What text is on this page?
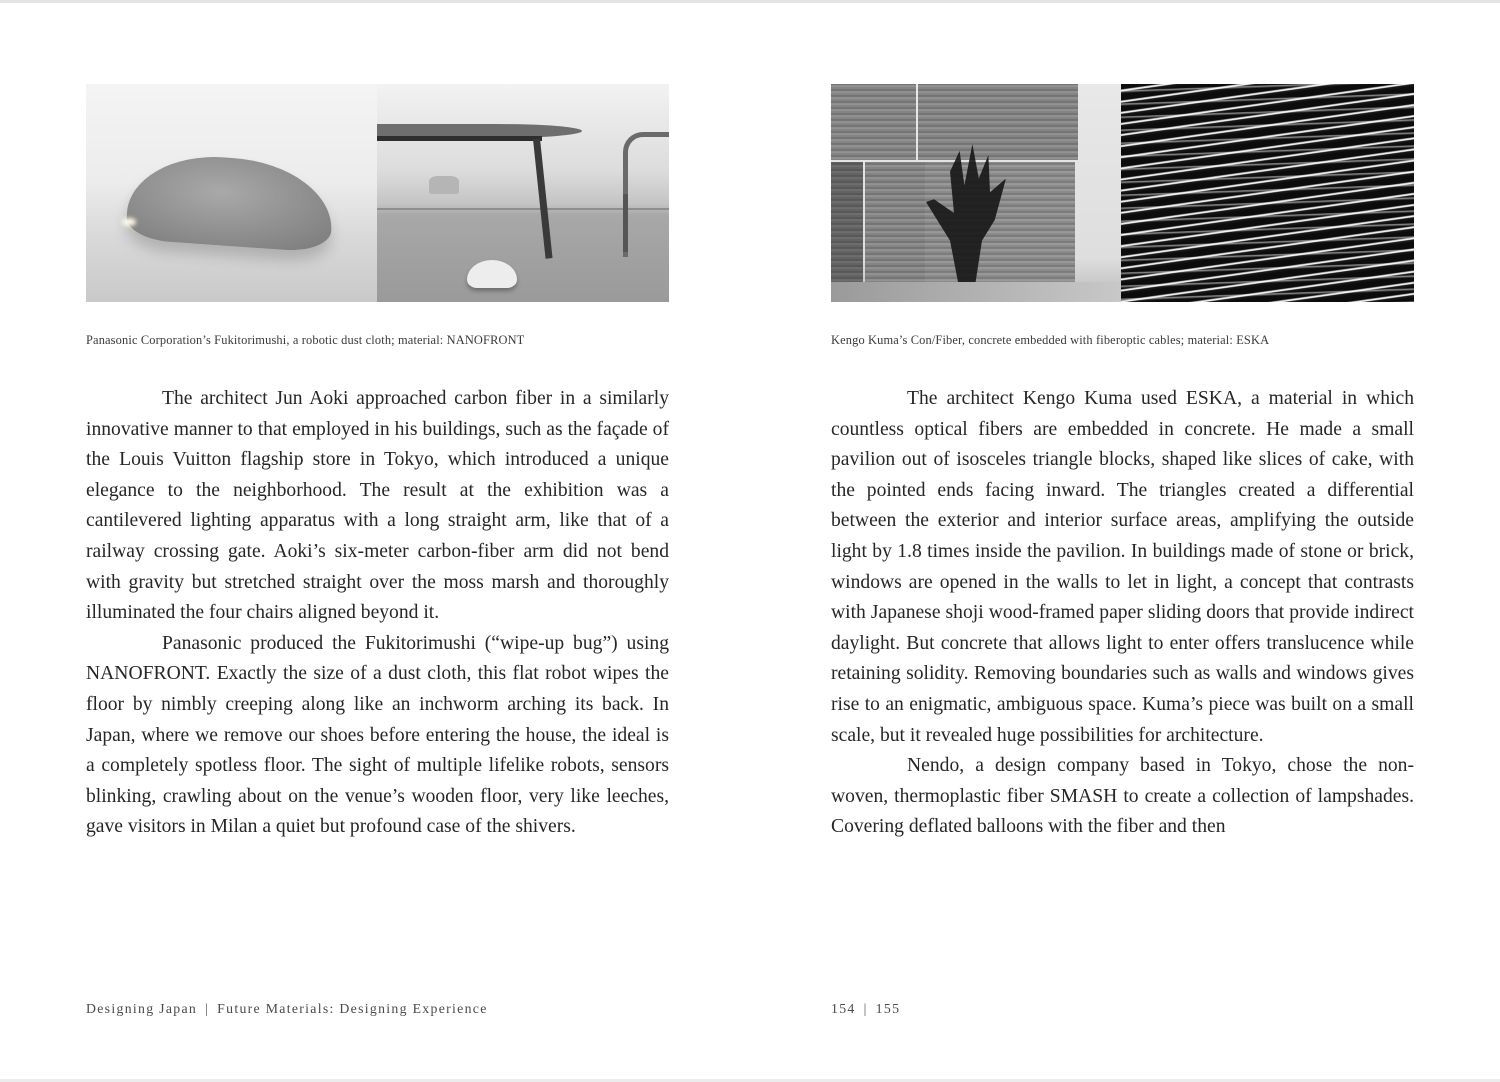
Panasonic Corporation’s Fukitorimushi, a robotic dust cloth; material: NANOFRONT

The architect Jun Aoki approached carbon fiber in a similarly innovative manner to that employed in his buildings, such as the façade of the Louis Vuitton flagship store in Tokyo, which introduced a unique elegance to the neighborhood. The result at the exhibition was a cantilevered lighting apparatus with a long straight arm, like that of a railway crossing gate. Aoki’s six-meter carbon-fiber arm did not bend with gravity but stretched straight over the moss marsh and thoroughly illuminated the four chairs aligned beyond it.

Panasonic produced the Fukitorimushi (“wipe-up bug”) using NANOFRONT. Exactly the size of a dust cloth, this flat robot wipes the floor by nimbly creeping along like an inchworm arching its back. In Japan, where we remove our shoes before entering the house, the ideal is a completely spotless floor. The sight of multiple lifelike robots, sensors blinking, crawling about on the venue’s wooden floor, very like leeches, gave visitors in Milan a quiet but profound case of the shivers.

Designing Japan | Future Materials: Designing Experience
Kengo Kuma’s Con/Fiber, concrete embedded with fiberoptic cables; material: ESKA

The architect Kengo Kuma used ESKA, a material in which countless optical fibers are embedded in concrete. He made a small pavilion out of isosceles triangle blocks, shaped like slices of cake, with the pointed ends facing inward. The triangles created a differential between the exterior and interior surface areas, amplifying the outside light by 1.8 times inside the pavilion. In buildings made of stone or brick, windows are opened in the walls to let in light, a concept that contrasts with Japanese shoji wood-framed paper sliding doors that provide indirect daylight. But concrete that allows light to enter offers translucence while retaining solidity. Removing boundaries such as walls and windows gives rise to an enigmatic, ambiguous space. Kuma’s piece was built on a small scale, but it revealed huge possibilities for architecture.

Nendo, a design company based in Tokyo, chose the non-woven, thermoplastic fiber SMASH to create a collection of lampshades. Covering deflated balloons with the fiber and then

154 | 155
